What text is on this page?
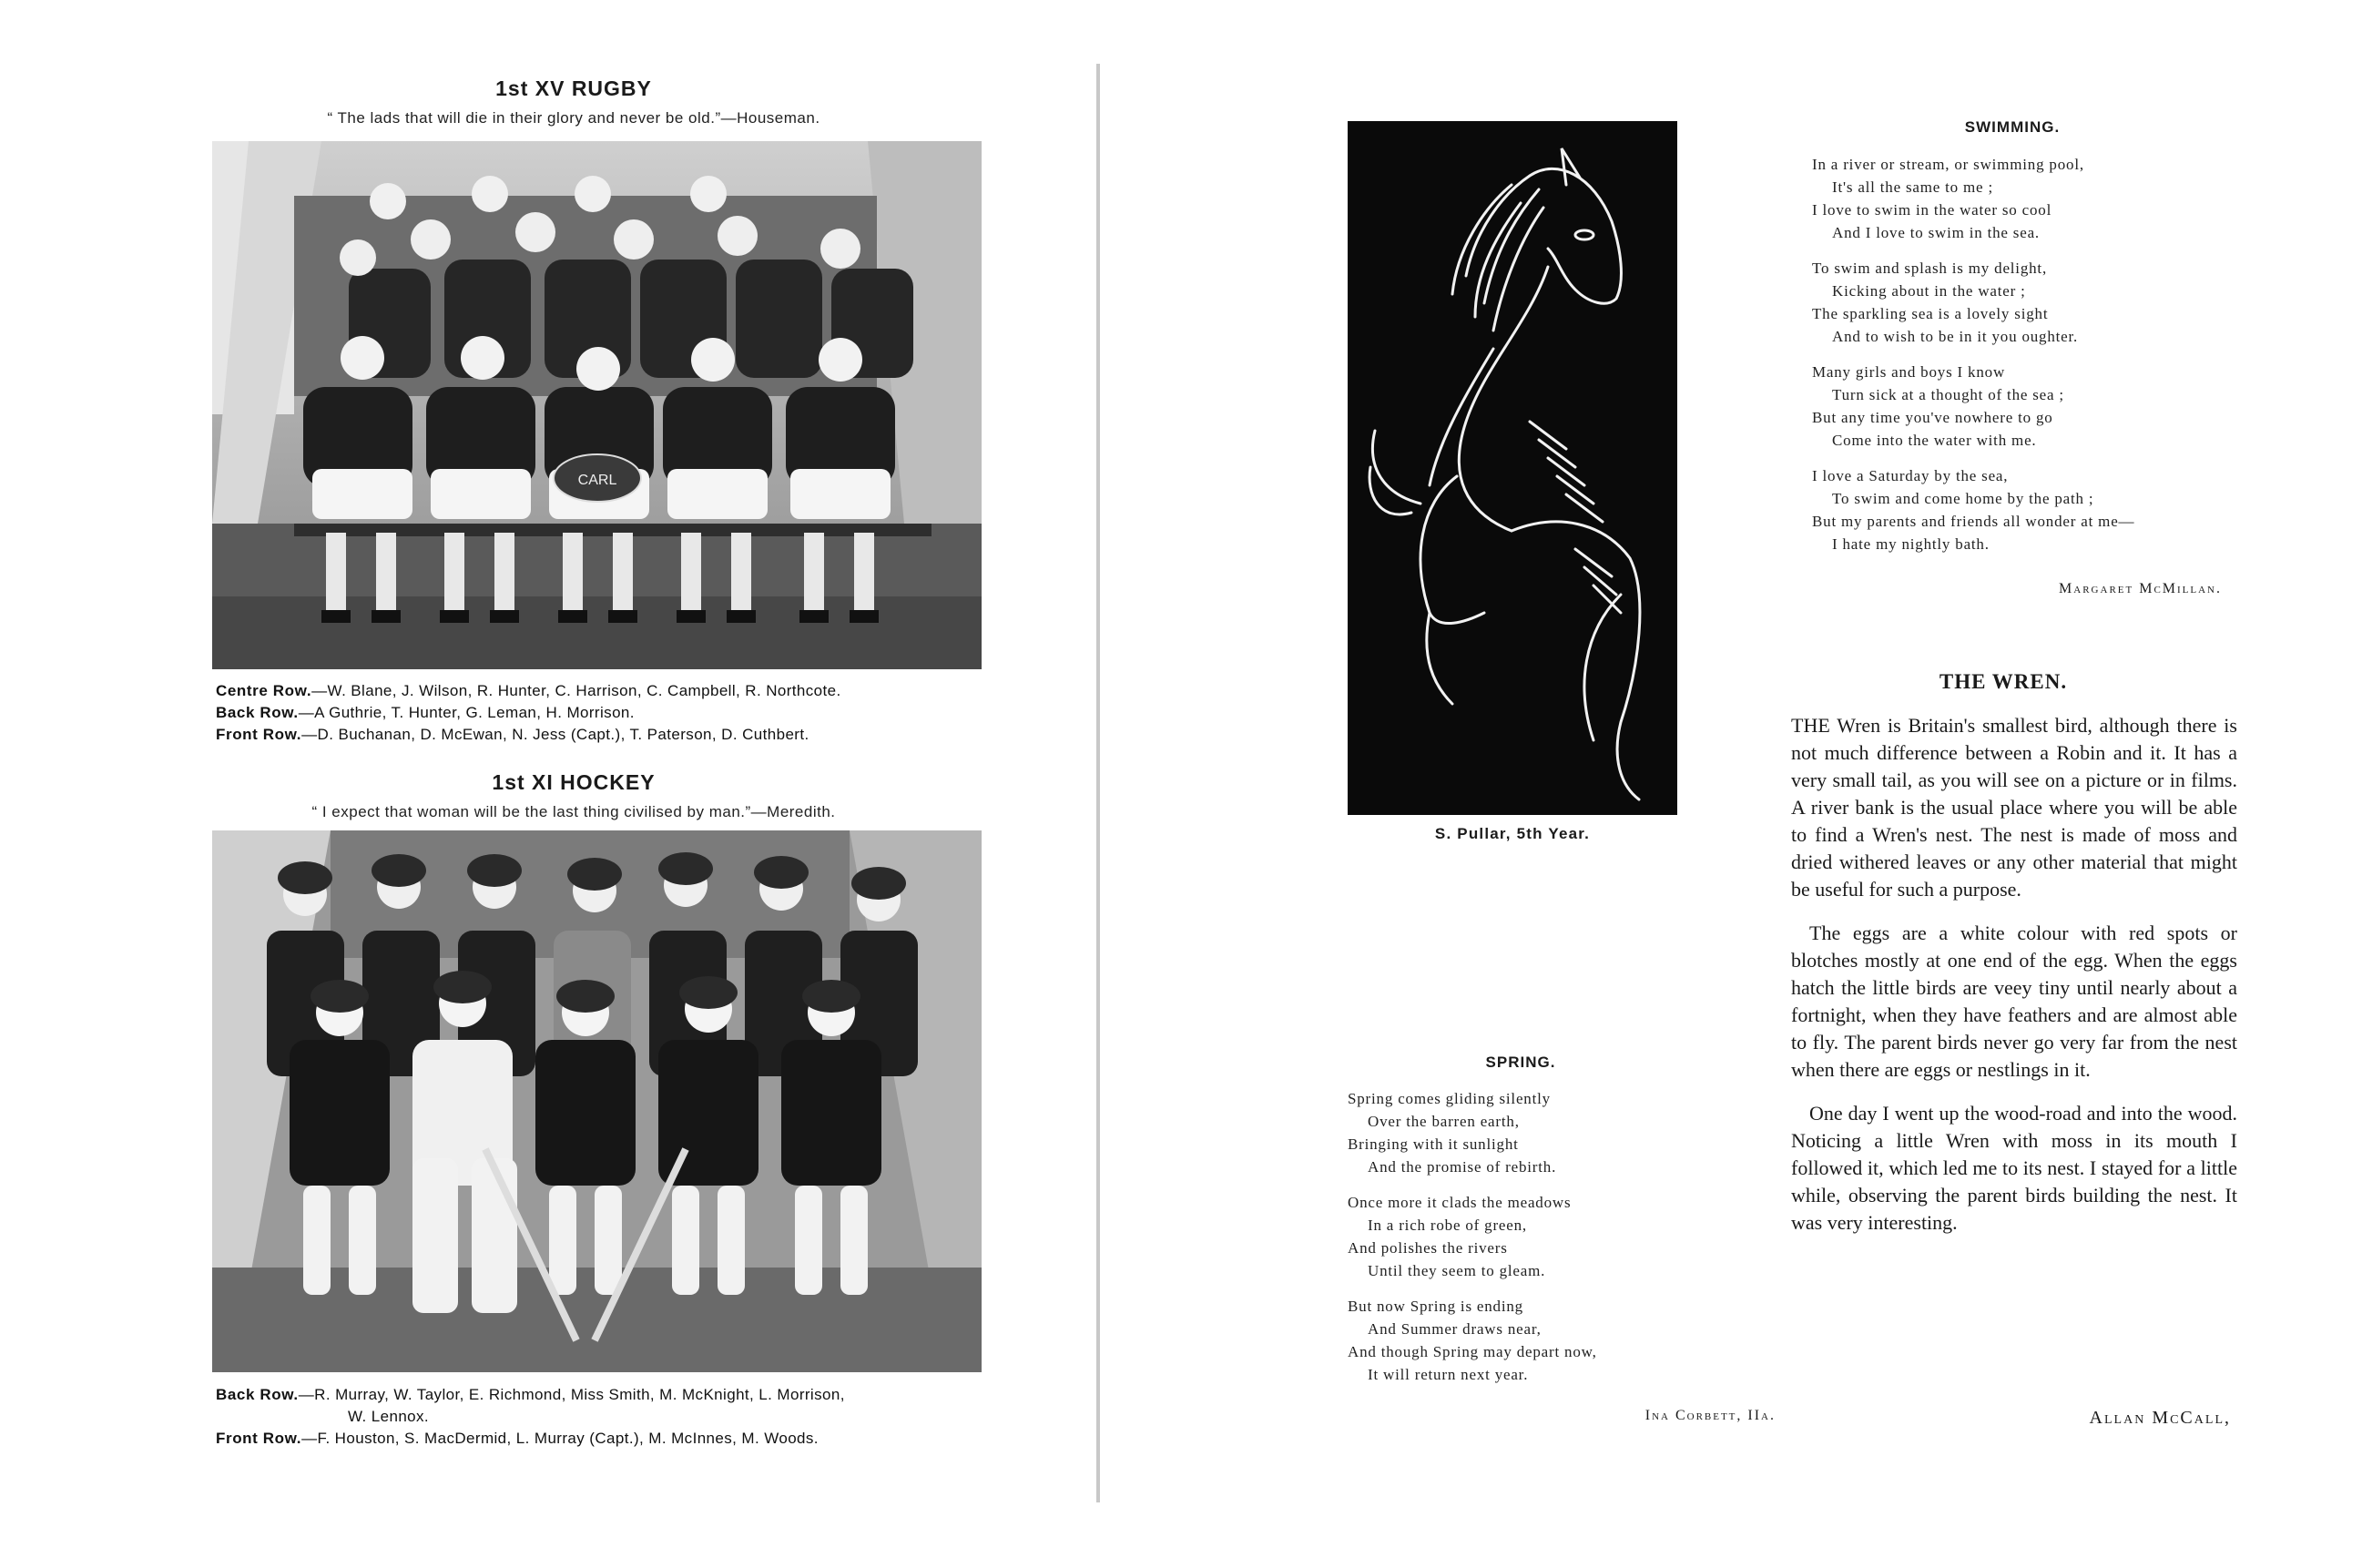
1st XV RUGBY
“ The lads that will die in their glory and never be old.”—Houseman.
CARL
Centre Row.—W. Blane, J. Wilson, R. Hunter, C. Harrison, C. Campbell, R. Northcote.
Back Row.—A Guthrie, T. Hunter, G. Leman, H. Morrison.
Front Row.—D. Buchanan, D. McEwan, N. Jess (Capt.), T. Paterson, D. Cuthbert.
1st XI HOCKEY
“ I expect that woman will be the last thing civilised by man.”—Meredith.
Back Row.—R. Murray, W. Taylor, E. Richmond, Miss Smith, M. McKnight, L. Morrison,
W. Lennox.
Front Row.—F. Houston, S. MacDermid, L. Murray (Capt.), M. McInnes, M. Woods.
S. Pullar, 5th Year.
SWIMMING.
In a river or stream, or swimming pool,
It's all the same to me ;
I love to swim in the water so cool
And I love to swim in the sea.
To swim and splash is my delight,
Kicking about in the water ;
The sparkling sea is a lovely sight
And to wish to be in it you oughter.
Many girls and boys I know
Turn sick at a thought of the sea ;
But any time you've nowhere to go
Come into the water with me.
I love a Saturday by the sea,
To swim and come home by the path ;
But my parents and friends all wonder at me—
I hate my nightly bath.
Margaret McMillan.
SPRING.
Spring comes gliding silently
Over the barren earth,
Bringing with it sunlight
And the promise of rebirth.
Once more it clads the meadows
In a rich robe of green,
And polishes the rivers
Until they seem to gleam.
But now Spring is ending
And Summer draws near,
And though Spring may depart now,
It will return next year.
Ina Corbett, IIa.
THE WREN.

THE Wren is Britain's smallest bird, although there is not much difference between a Robin and it. It has a very small tail, as you will see on a picture or in films. A river bank is the usual place where you will be able to find a Wren's nest. The nest is made of moss and dried withered leaves or any other material that might be useful for such a purpose.

The eggs are a white colour with red spots or blotches mostly at one end of the egg. When the eggs hatch the little birds are veey tiny until nearly about a fortnight, when they have feathers and are almost able to fly. The parent birds never go very far from the nest when there are eggs or nestlings in it.

One day I went up the wood-road and into the wood. Noticing a little Wren with moss in its mouth I followed it, which led me to its nest. I stayed for a little while, observing the parent birds building the nest. It was very interesting.

Allan McCall,
